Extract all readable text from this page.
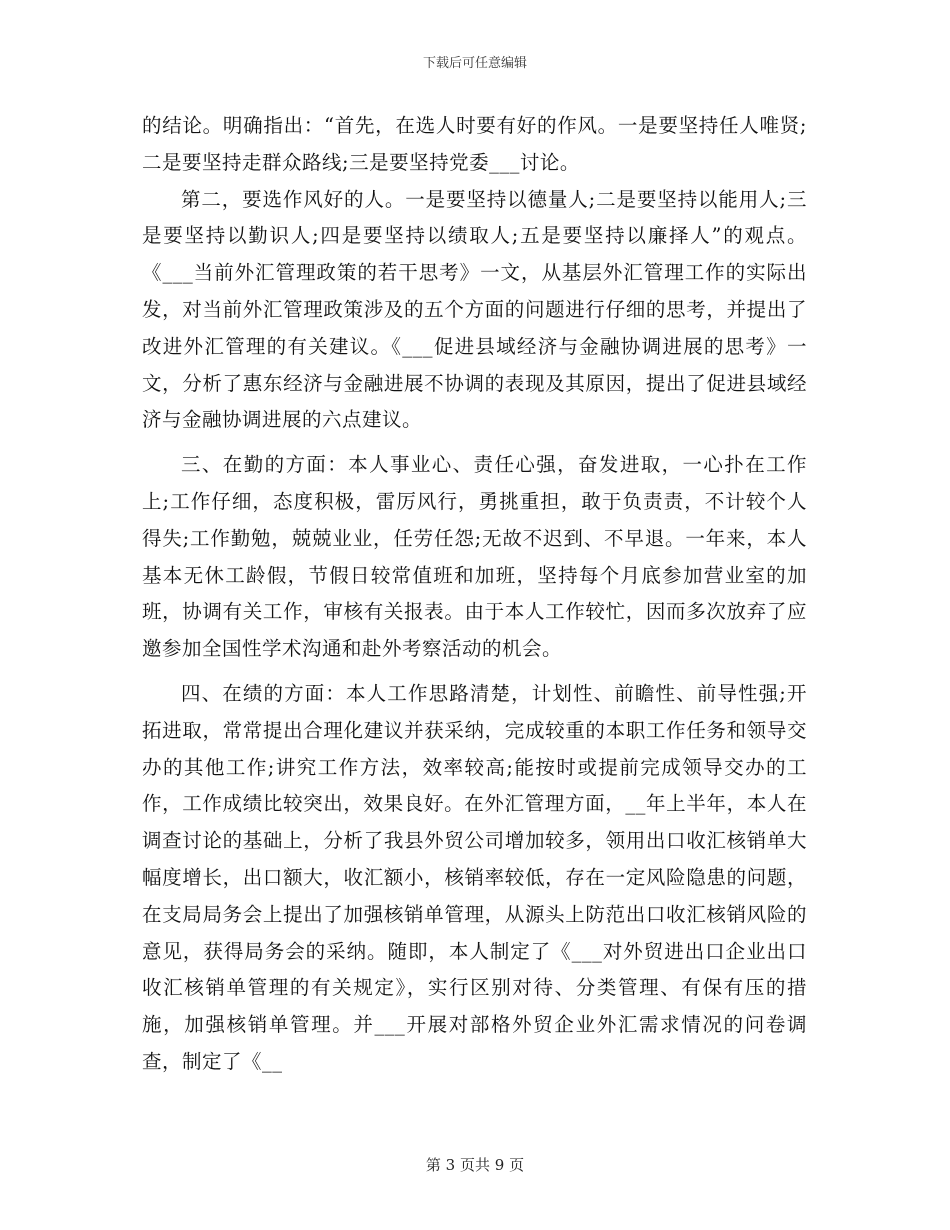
下载后可任意编辑

的结论。明确指出：“首先，在选人时要有好的作风。一是要坚持任人唯贤;二是要坚持走群众路线;三是要坚持党委___讨论。

第二，要选作风好的人。一是要坚持以德量人;二是要坚持以能用人;三是要坚持以勤识人;四是要坚持以绩取人;五是要坚持以廉择人”的观点。《___当前外汇管理政策的若干思考》一文，从基层外汇管理工作的实际出发，对当前外汇管理政策涉及的五个方面的问题进行仔细的思考，并提出了改进外汇管理的有关建议。《___促进县域经济与金融协调进展的思考》一文，分析了惠东经济与金融进展不协调的表现及其原因，提出了促进县域经济与金融协调进展的六点建议。

三、在勤的方面：本人事业心、责任心强，奋发进取，一心扑在工作上;工作仔细，态度积极，雷厉风行，勇挑重担，敢于负责责，不计较个人得失;工作勤勉，兢兢业业，任劳任怨;无故不迟到、不早退。一年来，本人基本无休工龄假，节假日较常值班和加班，坚持每个月底参加营业室的加班，协调有关工作，审核有关报表。由于本人工作较忙，因而多次放弃了应邀参加全国性学术沟通和赴外考察活动的机会。

四、在绩的方面：本人工作思路清楚，计划性、前瞻性、前导性强;开拓进取，常常提出合理化建议并获采纳，完成较重的本职工作任务和领导交办的其他工作;讲究工作方法，效率较高;能按时或提前完成领导交办的工作，工作成绩比较突出，效果良好。在外汇管理方面，__年上半年，本人在调查讨论的基础上，分析了我县外贸公司增加较多，领用出口收汇核销单大幅度增长，出口额大，收汇额小，核销率较低，存在一定风险隐患的问题，在支局局务会上提出了加强核销单管理，从源头上防范出口收汇核销风险的意见，获得局务会的采纳。随即，本人制定了《___对外贸进出口企业出口收汇核销单管理的有关规定》，实行区别对待、分类管理、有保有压的措施，加强核销单管理。并___开展对部格外贸企业外汇需求情况的问卷调查，制定了《__

第 3 页共 9 页
